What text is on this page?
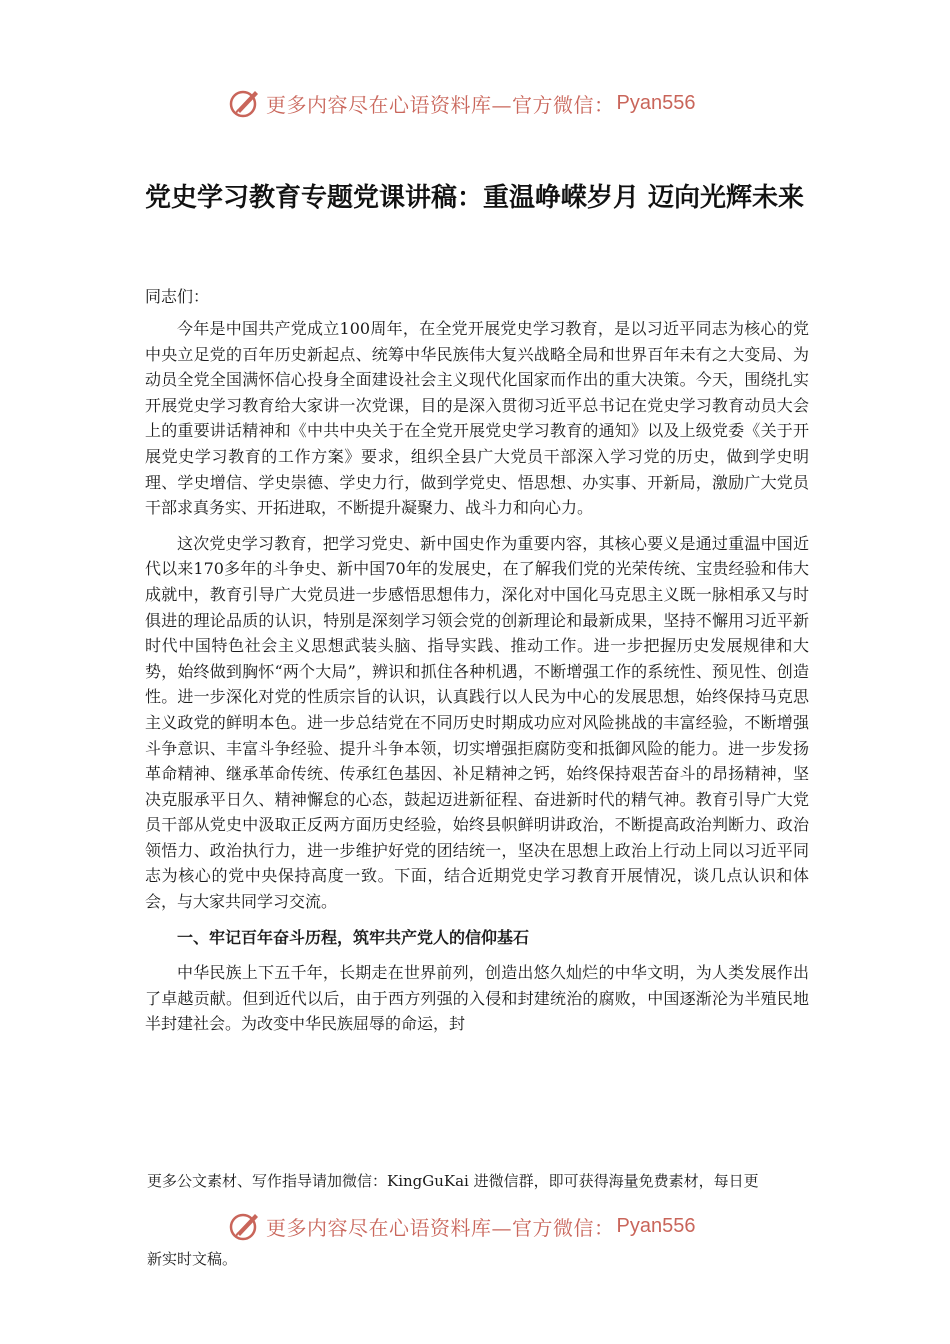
更多内容尽在心语资料库—官方微信： Pyan556
党史学习教育专题党课讲稿：重温峥嵘岁月 迈向光辉未来

同志们：

今年是中国共产党成立100周年，在全党开展党史学习教育，是以习近平同志为核心的党中央立足党的百年历史新起点、统筹中华民族伟大复兴战略全局和世界百年未有之大变局、为动员全党全国满怀信心投身全面建设社会主义现代化国家而作出的重大决策。今天，围绕扎实开展党史学习教育给大家讲一次党课，目的是深入贯彻习近平总书记在党史学习教育动员大会上的重要讲话精神和《中共中央关于在全党开展党史学习教育的通知》以及上级党委《关于开展党史学习教育的工作方案》要求，组织全县广大党员干部深入学习党的历史，做到学史明理、学史增信、学史崇德、学史力行，做到学党史、悟思想、办实事、开新局，激励广大党员干部求真务实、开拓进取，不断提升凝聚力、战斗力和向心力。

这次党史学习教育，把学习党史、新中国史作为重要内容，其核心要义是通过重温中国近代以来170多年的斗争史、新中国70年的发展史，在了解我们党的光荣传统、宝贵经验和伟大成就中，教育引导广大党员进一步感悟思想伟力，深化对中国化马克思主义既一脉相承又与时俱进的理论品质的认识，特别是深刻学习领会党的创新理论和最新成果，坚持不懈用习近平新时代中国特色社会主义思想武装头脑、指导实践、推动工作。进一步把握历史发展规律和大势，始终做到胸怀“两个大局”，辨识和抓住各种机遇，不断增强工作的系统性、预见性、创造性。进一步深化对党的性质宗旨的认识，认真践行以人民为中心的发展思想，始终保持马克思主义政党的鲜明本色。进一步总结党在不同历史时期成功应对风险挑战的丰富经验，不断增强斗争意识、丰富斗争经验、提升斗争本领，切实增强拒腐防变和抵御风险的能力。进一步发扬革命精神、继承革命传统、传承红色基因、补足精神之钙，始终保持艰苦奋斗的昂扬精神，坚决克服承平日久、精神懈怠的心态，鼓起迈进新征程、奋进新时代的精气神。教育引导广大党员干部从党史中汲取正反两方面历史经验，始终县帜鲜明讲政治，不断提高政治判断力、政治领悟力、政治执行力，进一步维护好党的团结统一，坚决在思想上政治上行动上同以习近平同志为核心的党中央保持高度一致。下面，结合近期党史学习教育开展情况，谈几点认识和体会，与大家共同学习交流。

一、牢记百年奋斗历程，筑牢共产党人的信仰基石

中华民族上下五千年，长期走在世界前列，创造出悠久灿烂的中华文明，为人类发展作出了卓越贡献。但到近代以后，由于西方列强的入侵和封建统治的腐败，中国逐渐沦为半殖民地半封建社会。为改变中华民族屈辱的命运，封

更多公文素材、写作指导请加微信：KingGuKai 进微信群，即可获得海量免费素材，每日更

更多内容尽在心语资料库—官方微信： Pyan556

新实时文稿。
